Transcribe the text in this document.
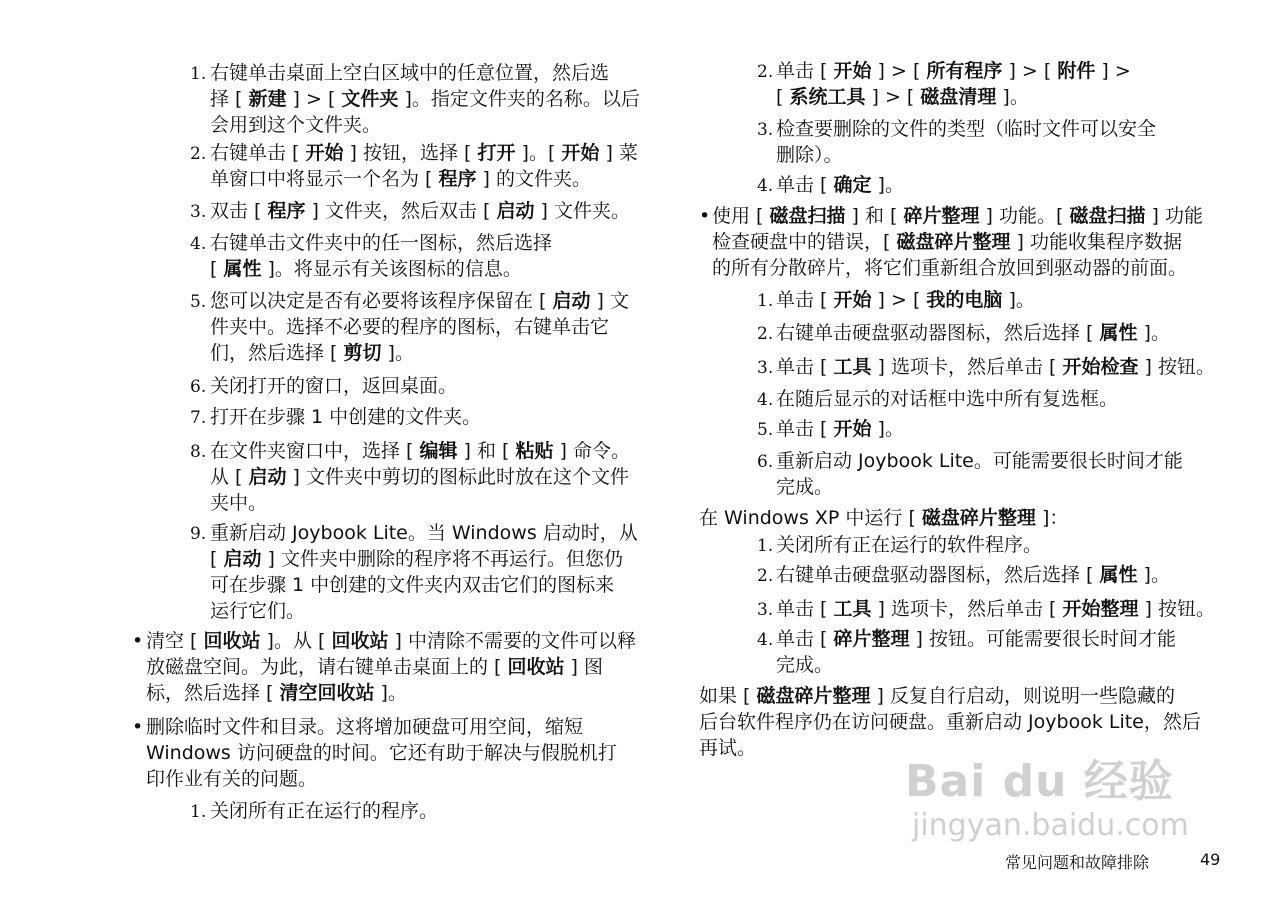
1. 右键单击桌面上空白区域中的任意位置，然后选
择 [ 新建 ] > [ 文件夹 ]。指定文件夹的名称。以后
会用到这个文件夹。
2. 右键单击 [ 开始 ] 按钮，选择 [ 打开 ]。[ 开始 ] 菜
单窗口中将显示一个名为 [ 程序 ] 的文件夹。
3. 双击 [ 程序 ] 文件夹，然后双击 [ 启动 ] 文件夹。
4. 右键单击文件夹中的任一图标，然后选择
[ 属性 ]。将显示有关该图标的信息。
5. 您可以决定是否有必要将该程序保留在 [ 启动 ] 文
件夹中。选择不必要的程序的图标，右键单击它
们，然后选择 [ 剪切 ]。
6. 关闭打开的窗口，返回桌面。
7. 打开在步骤 1 中创建的文件夹。
8. 在文件夹窗口中，选择 [ 编辑 ] 和 [ 粘贴 ] 命令。
从 [ 启动 ] 文件夹中剪切的图标此时放在这个文件
夹中。
9. 重新启动 Joybook Lite。当 Windows 启动时，从
[ 启动 ] 文件夹中删除的程序将不再运行。但您仍
可在步骤 1 中创建的文件夹内双击它们的图标来
运行它们。
• 清空 [ 回收站 ]。从 [ 回收站 ] 中清除不需要的文件可以释
放磁盘空间。为此，请右键单击桌面上的 [ 回收站 ] 图
标，然后选择 [ 清空回收站 ]。
• 删除临时文件和目录。这将增加硬盘可用空间，缩短
Windows 访问硬盘的时间。它还有助于解决与假脱机打
印作业有关的问题。
1. 关闭所有正在运行的程序。
2. 单击 [ 开始 ] > [ 所有程序 ] > [ 附件 ] >
[ 系统工具 ] > [ 磁盘清理 ]。
3. 检查要删除的文件的类型（临时文件可以安全
删除）。
4. 单击 [ 确定 ]。
• 使用 [ 磁盘扫描 ] 和 [ 碎片整理 ] 功能。[ 磁盘扫描 ] 功能
检查硬盘中的错误，[ 磁盘碎片整理 ] 功能收集程序数据
的所有分散碎片，将它们重新组合放回到驱动器的前面。
1. 单击 [ 开始 ] > [ 我的电脑 ]。
2. 右键单击硬盘驱动器图标，然后选择 [ 属性 ]。
3. 单击 [ 工具 ] 选项卡，然后单击 [ 开始检查 ] 按钮。
4. 在随后显示的对话框中选中所有复选框。
5. 单击 [ 开始 ]。
6. 重新启动 Joybook Lite。可能需要很长时间才能
完成。
在 Windows XP 中运行 [ 磁盘碎片整理 ]：
1. 关闭所有正在运行的软件程序。
2. 右键单击硬盘驱动器图标，然后选择 [ 属性 ]。
3. 单击 [ 工具 ] 选项卡，然后单击 [ 开始整理 ] 按钮。
4. 单击 [ 碎片整理 ] 按钮。可能需要很长时间才能
完成。
如果 [ 磁盘碎片整理 ] 反复自行启动，则说明一些隐藏的
后台软件程序仍在访问硬盘。重新启动 Joybook Lite，然后
再试。
Bai du 经验
jingyan.baidu.com
常见问题和故障排除	49
